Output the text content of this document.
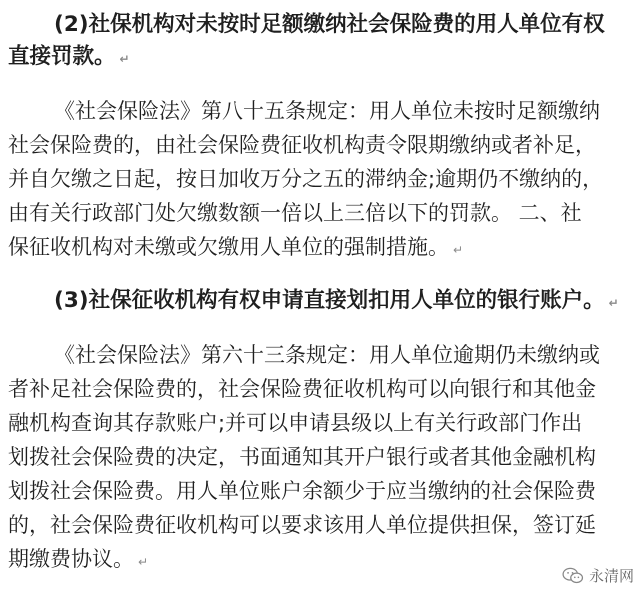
(2)社保机构对未按时足额缴纳社会保险费的用人单位有权
直接罚款。 ↵
《社会保险法》第八十五条规定：用人单位未按时足额缴纳
社会保险费的，由社会保险费征收机构责令限期缴纳或者补足，
并自欠缴之日起，按日加收万分之五的滞纳金;逾期仍不缴纳的，
由有关行政部门处欠缴数额一倍以上三倍以下的罚款。 二、社
保征收机构对未缴或欠缴用人单位的强制措施。 ↵
(3)社保征收机构有权申请直接划扣用人单位的银行账户。 ↵
《社会保险法》第六十三条规定：用人单位逾期仍未缴纳或
者补足社会保险费的，社会保险费征收机构可以向银行和其他金
融机构查询其存款账户;并可以申请县级以上有关行政部门作出
划拨社会保险费的决定，书面通知其开户银行或者其他金融机构
划拨社会保险费。用人单位账户余额少于应当缴纳的社会保险费
的，社会保险费征收机构可以要求该用人单位提供担保，签订延
期缴费协议。 ↵
永清网
